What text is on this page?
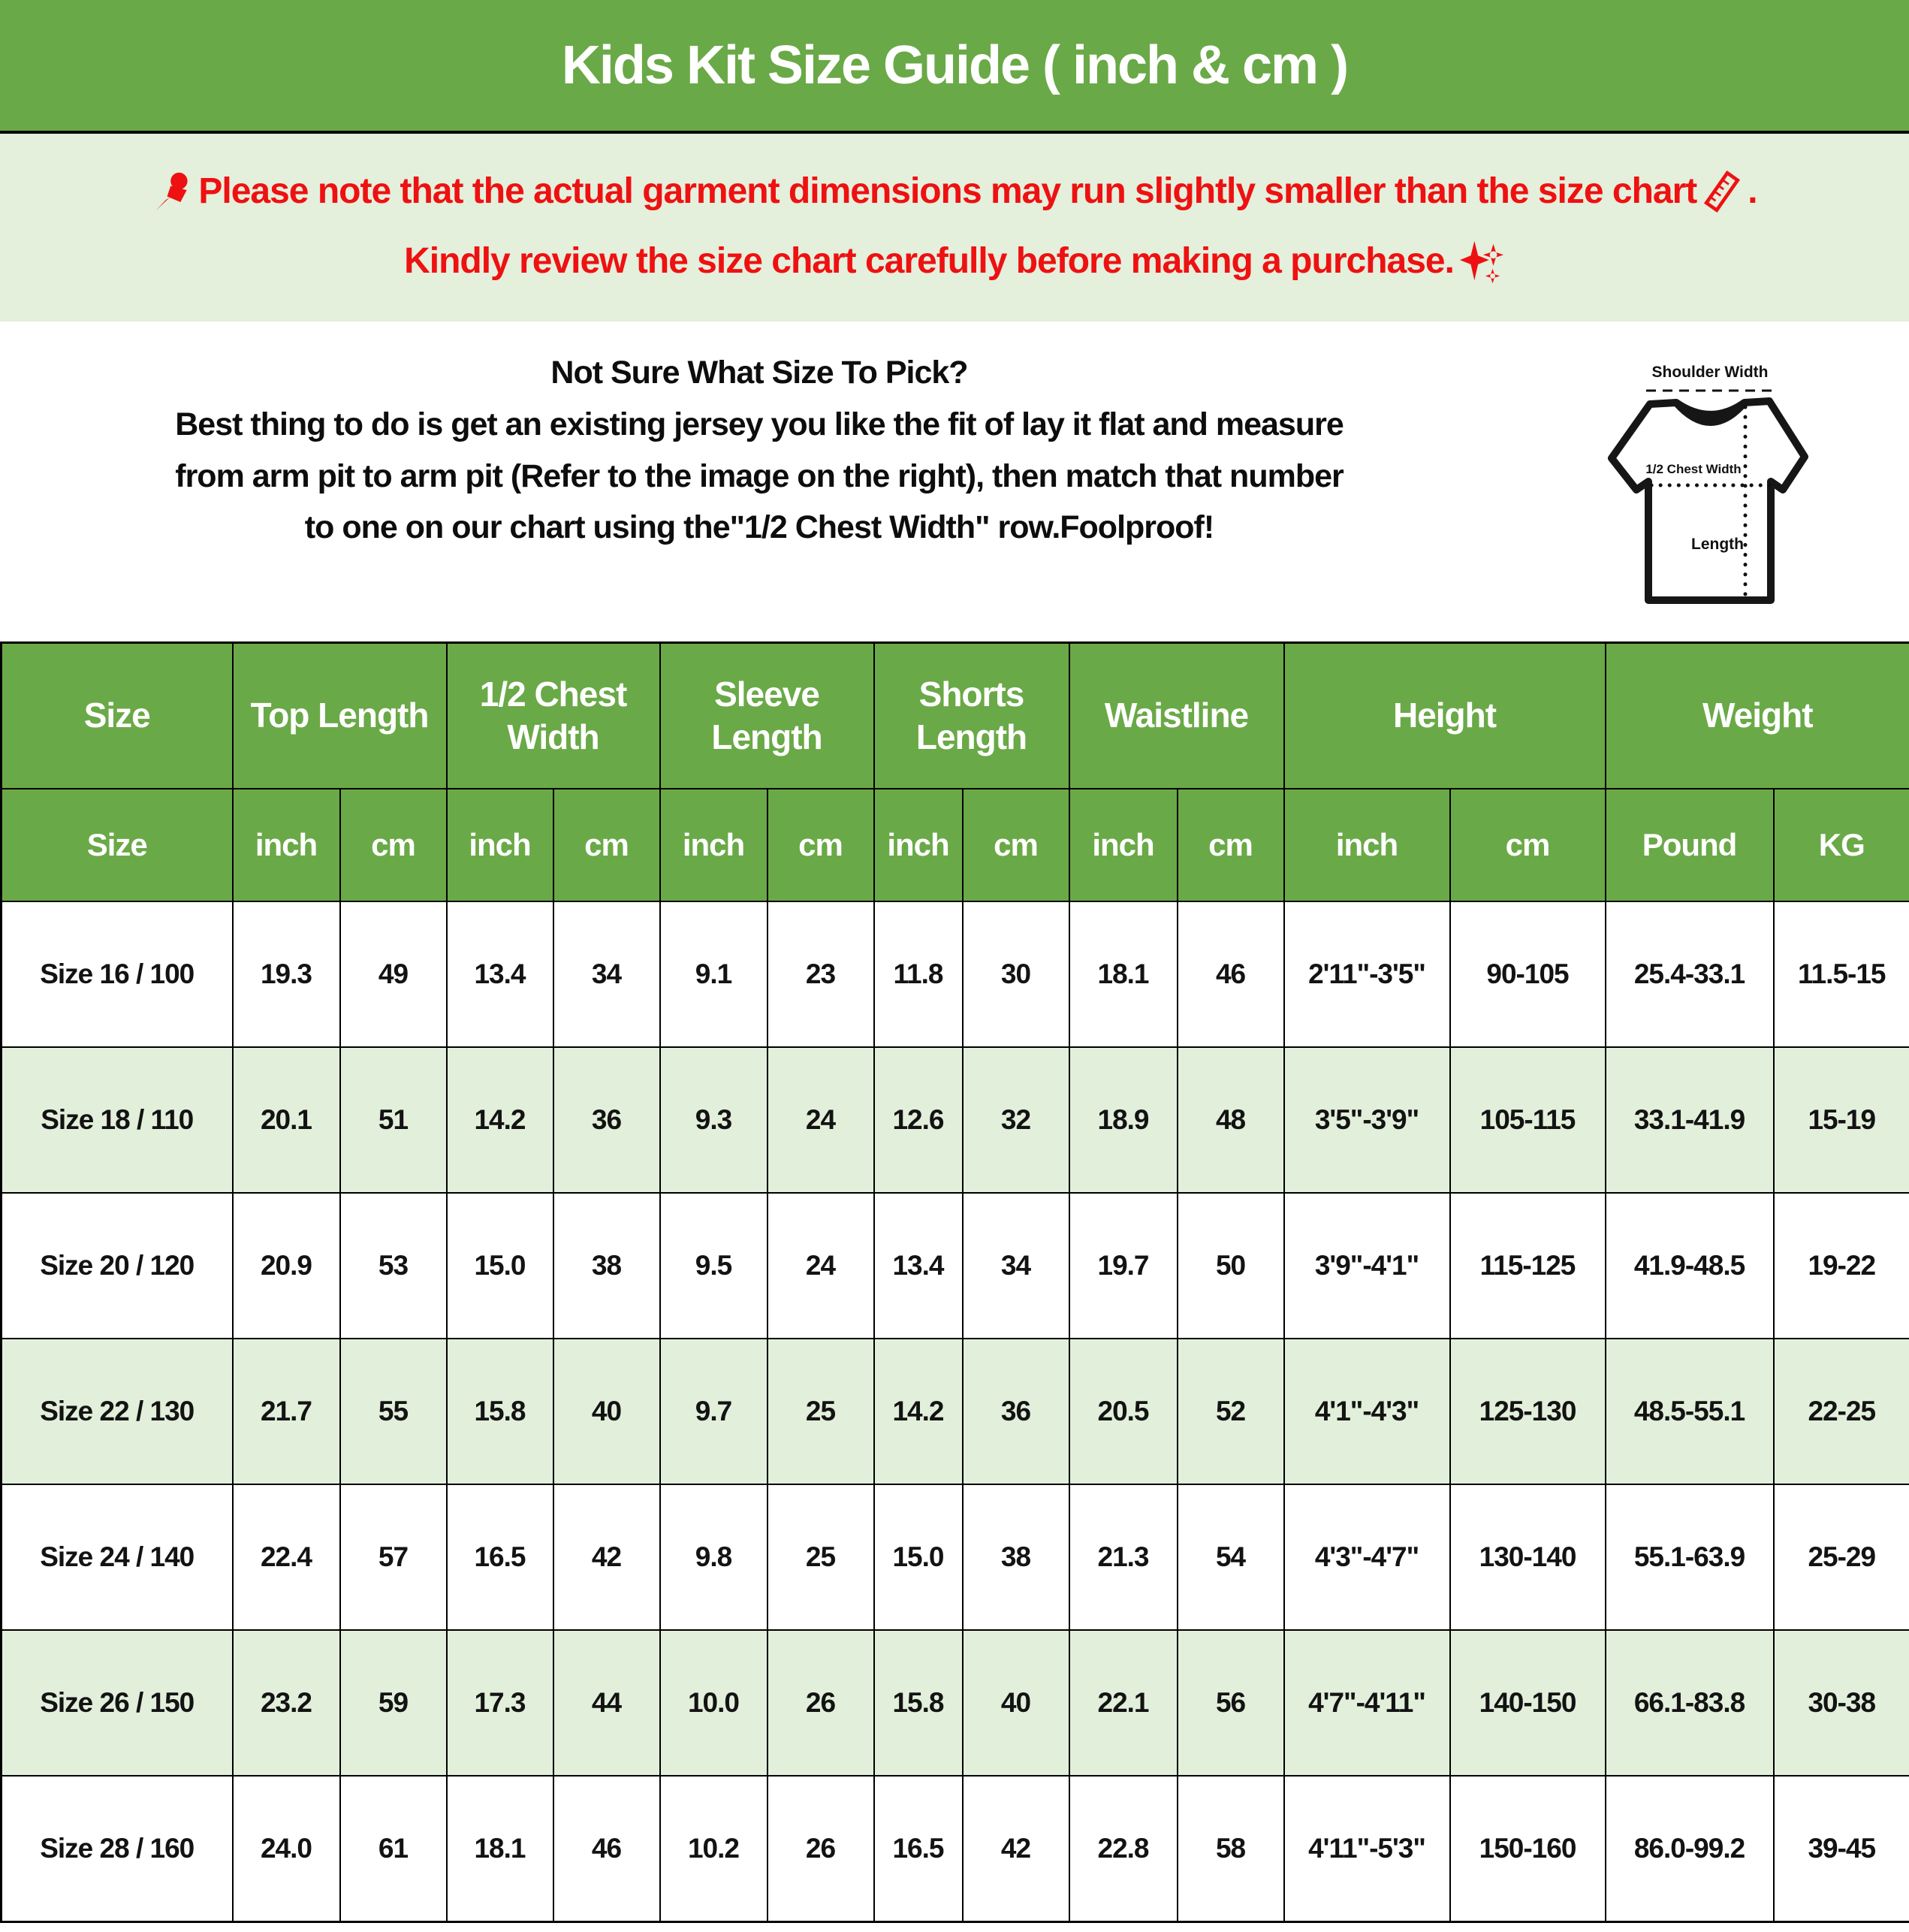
Kids Kit Size Guide ( inch & cm )

Please note that the actual garment dimensions may run slightly smaller than the size chart .

Kindly review the size chart carefully before making a purchase.

Not Sure What Size To Pick?

Best thing to do is get an existing jersey you like the fit of lay it flat and measure

from arm pit to arm pit (Refer to the image on the right), then match that number

to one on our chart using the"1/2 Chest Width" row.Foolproof!

Shoulder Width
1/2 Chest Width
Length
Size	Top Length		1/2 Chest Width		Sleeve Length		Shorts Length		Waistline		Height		Weight	
Size	inch	cm	inch	cm	inch	cm	inch	cm	inch	cm	inch	cm	Pound	KG
Size 16 / 100	19.3	49	13.4	34	9.1	23	11.8	30	18.1	46	2'11"-3'5"	90-105	25.4-33.1	11.5-15
Size 18 / 110	20.1	51	14.2	36	9.3	24	12.6	32	18.9	48	3'5"-3'9"	105-115	33.1-41.9	15-19
Size 20 / 120	20.9	53	15.0	38	9.5	24	13.4	34	19.7	50	3'9"-4'1"	115-125	41.9-48.5	19-22
Size 22 / 130	21.7	55	15.8	40	9.7	25	14.2	36	20.5	52	4'1"-4'3"	125-130	48.5-55.1	22-25
Size 24 / 140	22.4	57	16.5	42	9.8	25	15.0	38	21.3	54	4'3"-4'7"	130-140	55.1-63.9	25-29
Size 26 / 150	23.2	59	17.3	44	10.0	26	15.8	40	22.1	56	4'7"-4'11"	140-150	66.1-83.8	30-38
Size 28 / 160	24.0	61	18.1	46	10.2	26	16.5	42	22.8	58	4'11"-5'3"	150-160	86.0-99.2	39-45
